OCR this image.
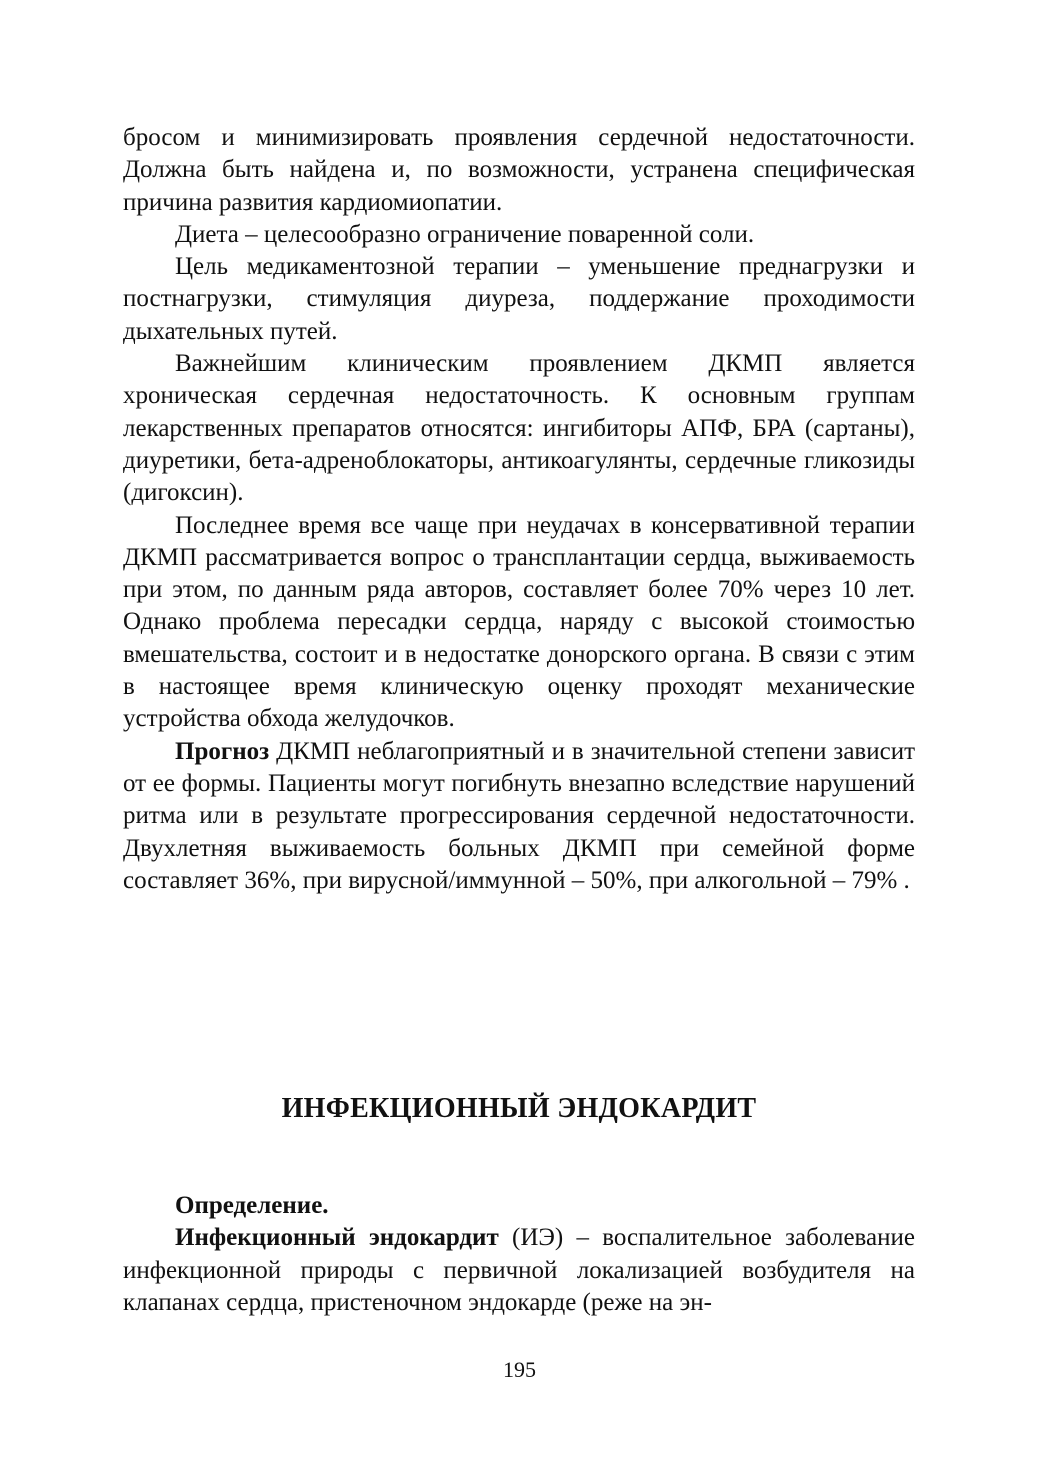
бросом и минимизировать проявления сердечной недостаточности. Должна быть найдена и, по возможности, устранена специфическая причина развития кардиомиопатии.

Диета – целесообразно ограничение поваренной соли.

Цель медикаментозной терапии – уменьшение преднагрузки и постнагрузки, стимуляция диуреза, поддержание проходимости дыхательных путей.

Важнейшим клиническим проявлением ДКМП является хроническая сердечная недостаточность. К основным группам лекарственных препаратов относятся: ингибиторы АПФ, БРА (сартаны), диуретики, бета-адреноблокаторы, антикоагулянты, сердечные гликозиды (дигоксин).

Последнее время все чаще при неудачах в консервативной терапии ДКМП рассматривается вопрос о трансплантации сердца, выживаемость при этом, по данным ряда авторов, составляет более 70% через 10 лет. Однако проблема пересадки сердца, наряду с высокой стоимостью вмешательства, состоит и в недостатке донорского органа. В связи с этим в настоящее время клиническую оценку проходят механические устройства обхода желудочков.

Прогноз ДКМП неблагоприятный и в значительной степени зависит от ее формы. Пациенты могут погибнуть внезапно вследствие нарушений ритма или в результате прогрессирования сердечной недостаточности. Двухлетняя выживаемость больных ДКМП при семейной форме составляет 36%, при вирусной/иммунной – 50%, при алкогольной – 79% .

ИНФЕКЦИОННЫЙ ЭНДОКАРДИТ

Определение.

Инфекционный эндокардит (ИЭ) – воспалительное заболевание инфекционной природы с первичной локализацией возбудителя на клапанах сердца, пристеночном эндокарде (реже на эн-

195
